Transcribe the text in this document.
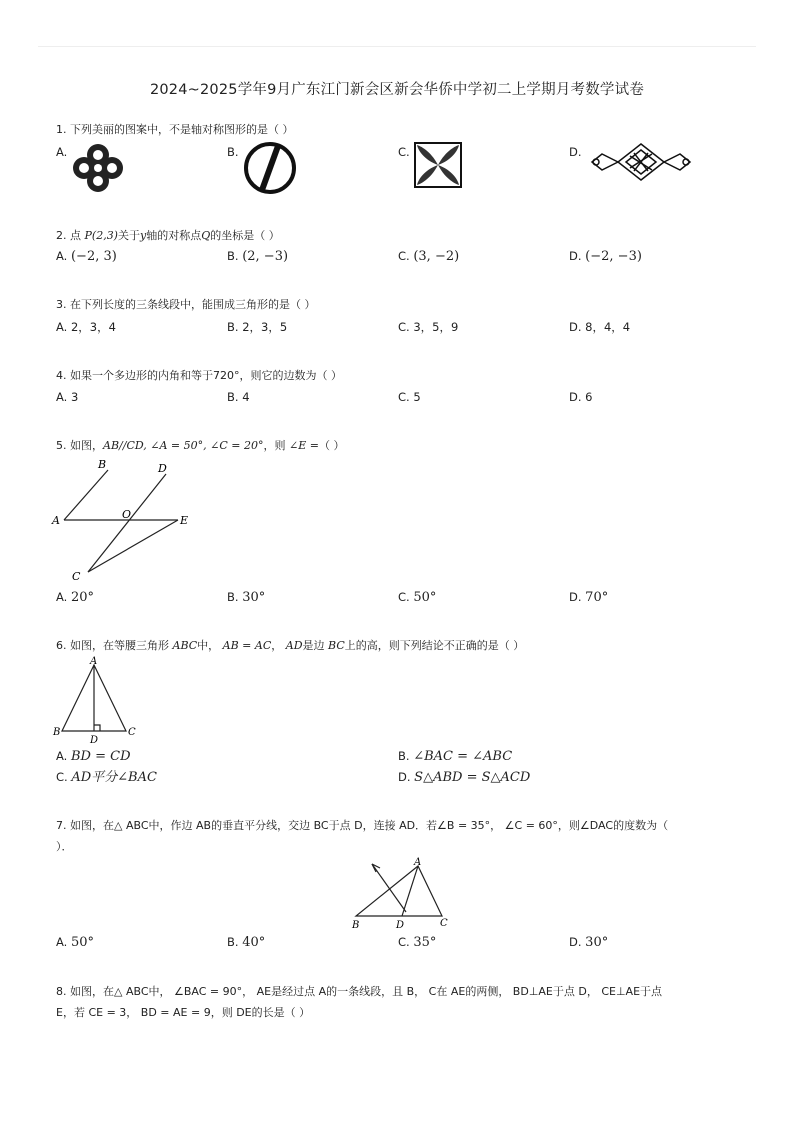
2024~2025学年9月广东江门新会区新会华侨中学初二上学期月考数学试卷
1. 下列美丽的图案中，不是轴对称图形的是（ ）
A.	B.	C.	D.
2. 点 P(2,3)关于y轴的对称点Q的坐标是（ ）
A. (−2, 3)	B. (2, −3)	C. (3, −2)	D. (−2, −3)
3. 在下列长度的三条线段中，能围成三角形的是（ ）
A. 2，3，4	B. 2，3，5	C. 3，5，9	D. 8，4，4
4. 如果一个多边形的内角和等于720°，则它的边数为（ ）
A. 3	B. 4	C. 5	D. 6
5. 如图，AB//CD, ∠A = 50°, ∠C = 20°，则 ∠E =（ ）
B	D
A	O	E
C
A. 20°	B. 30°	C. 50°	D. 70°
6. 如图，在等腰三角形 ABC中， AB = AC， AD是边 BC上的高，则下列结论不正确的是（ ）
A
B
D
C
A. BD = CD	B. ∠BAC = ∠ABC
C. AD平分∠BAC	D. S△ABD = S△ACD
7. 如图，在△ ABC中，作边 AB的垂直平分线，交边 BC于点 D，连接 AD．若∠B = 35°， ∠C = 60°，则∠DAC的度数为（
）．
A
B	D	C
A. 50°	B. 40°	C. 35°	D. 30°
8. 如图，在△ ABC中， ∠BAC = 90°， AE是经过点 A的一条线段，且 B， C在 AE的两侧， BD⊥AE于点 D， CE⊥AE于点
E，若 CE = 3， BD = AE = 9，则 DE的长是（ ）
